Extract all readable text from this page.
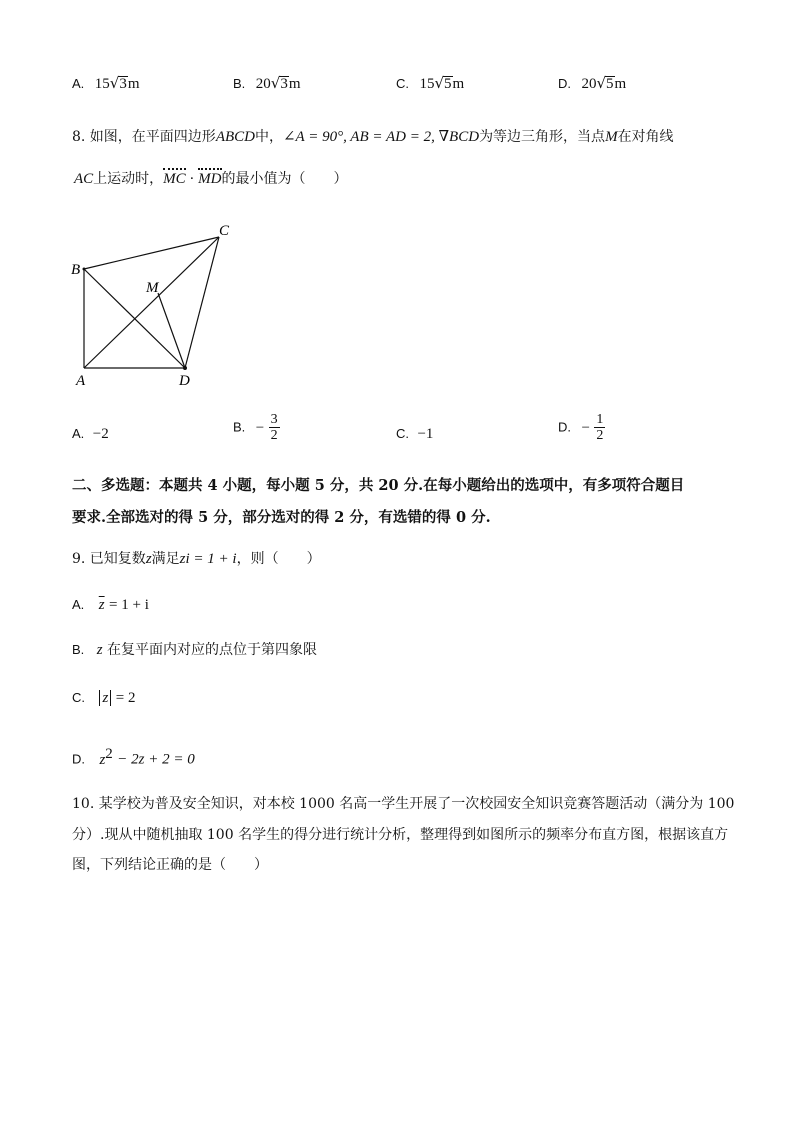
A. 15√3m	B. 20√3m	C. 15√5m	D. 20√5m
8. 如图，在平面四边形ABCD中，∠A = 90°, AB = AD = 2, ∇BCD为等边三角形，当点M在对角线
AC上运动时，MC · MD的最小值为（　　）
B
A	D
C
M
A. −2	B. − $\frac{3}{2}$	C. −1	D. − $\frac{1}{2}$
二、多选题：本题共 4 小题，每小题 5 分，共 20 分.在每小题给出的选项中，有多项符合题目
要求.全部选对的得 5 分，部分选对的得 2 分，有选错的得 0 分.
9. 已知复数z满足zi = 1 + i，则（　　）
A. $\overline{z} = 1 + i$
B. z 在复平面内对应的点位于第四象限
C. z = 2
D. $z^2 - 2z + 2 = 0$
10. 某学校为普及安全知识，对本校 1000 名高一学生开展了一次校园安全知识竞赛答题活动（满分为 100
分）.现从中随机抽取 100 名学生的得分进行统计分析，整理得到如图所示的频率分布直方图，根据该直方
图，下列结论正确的是（　　）
